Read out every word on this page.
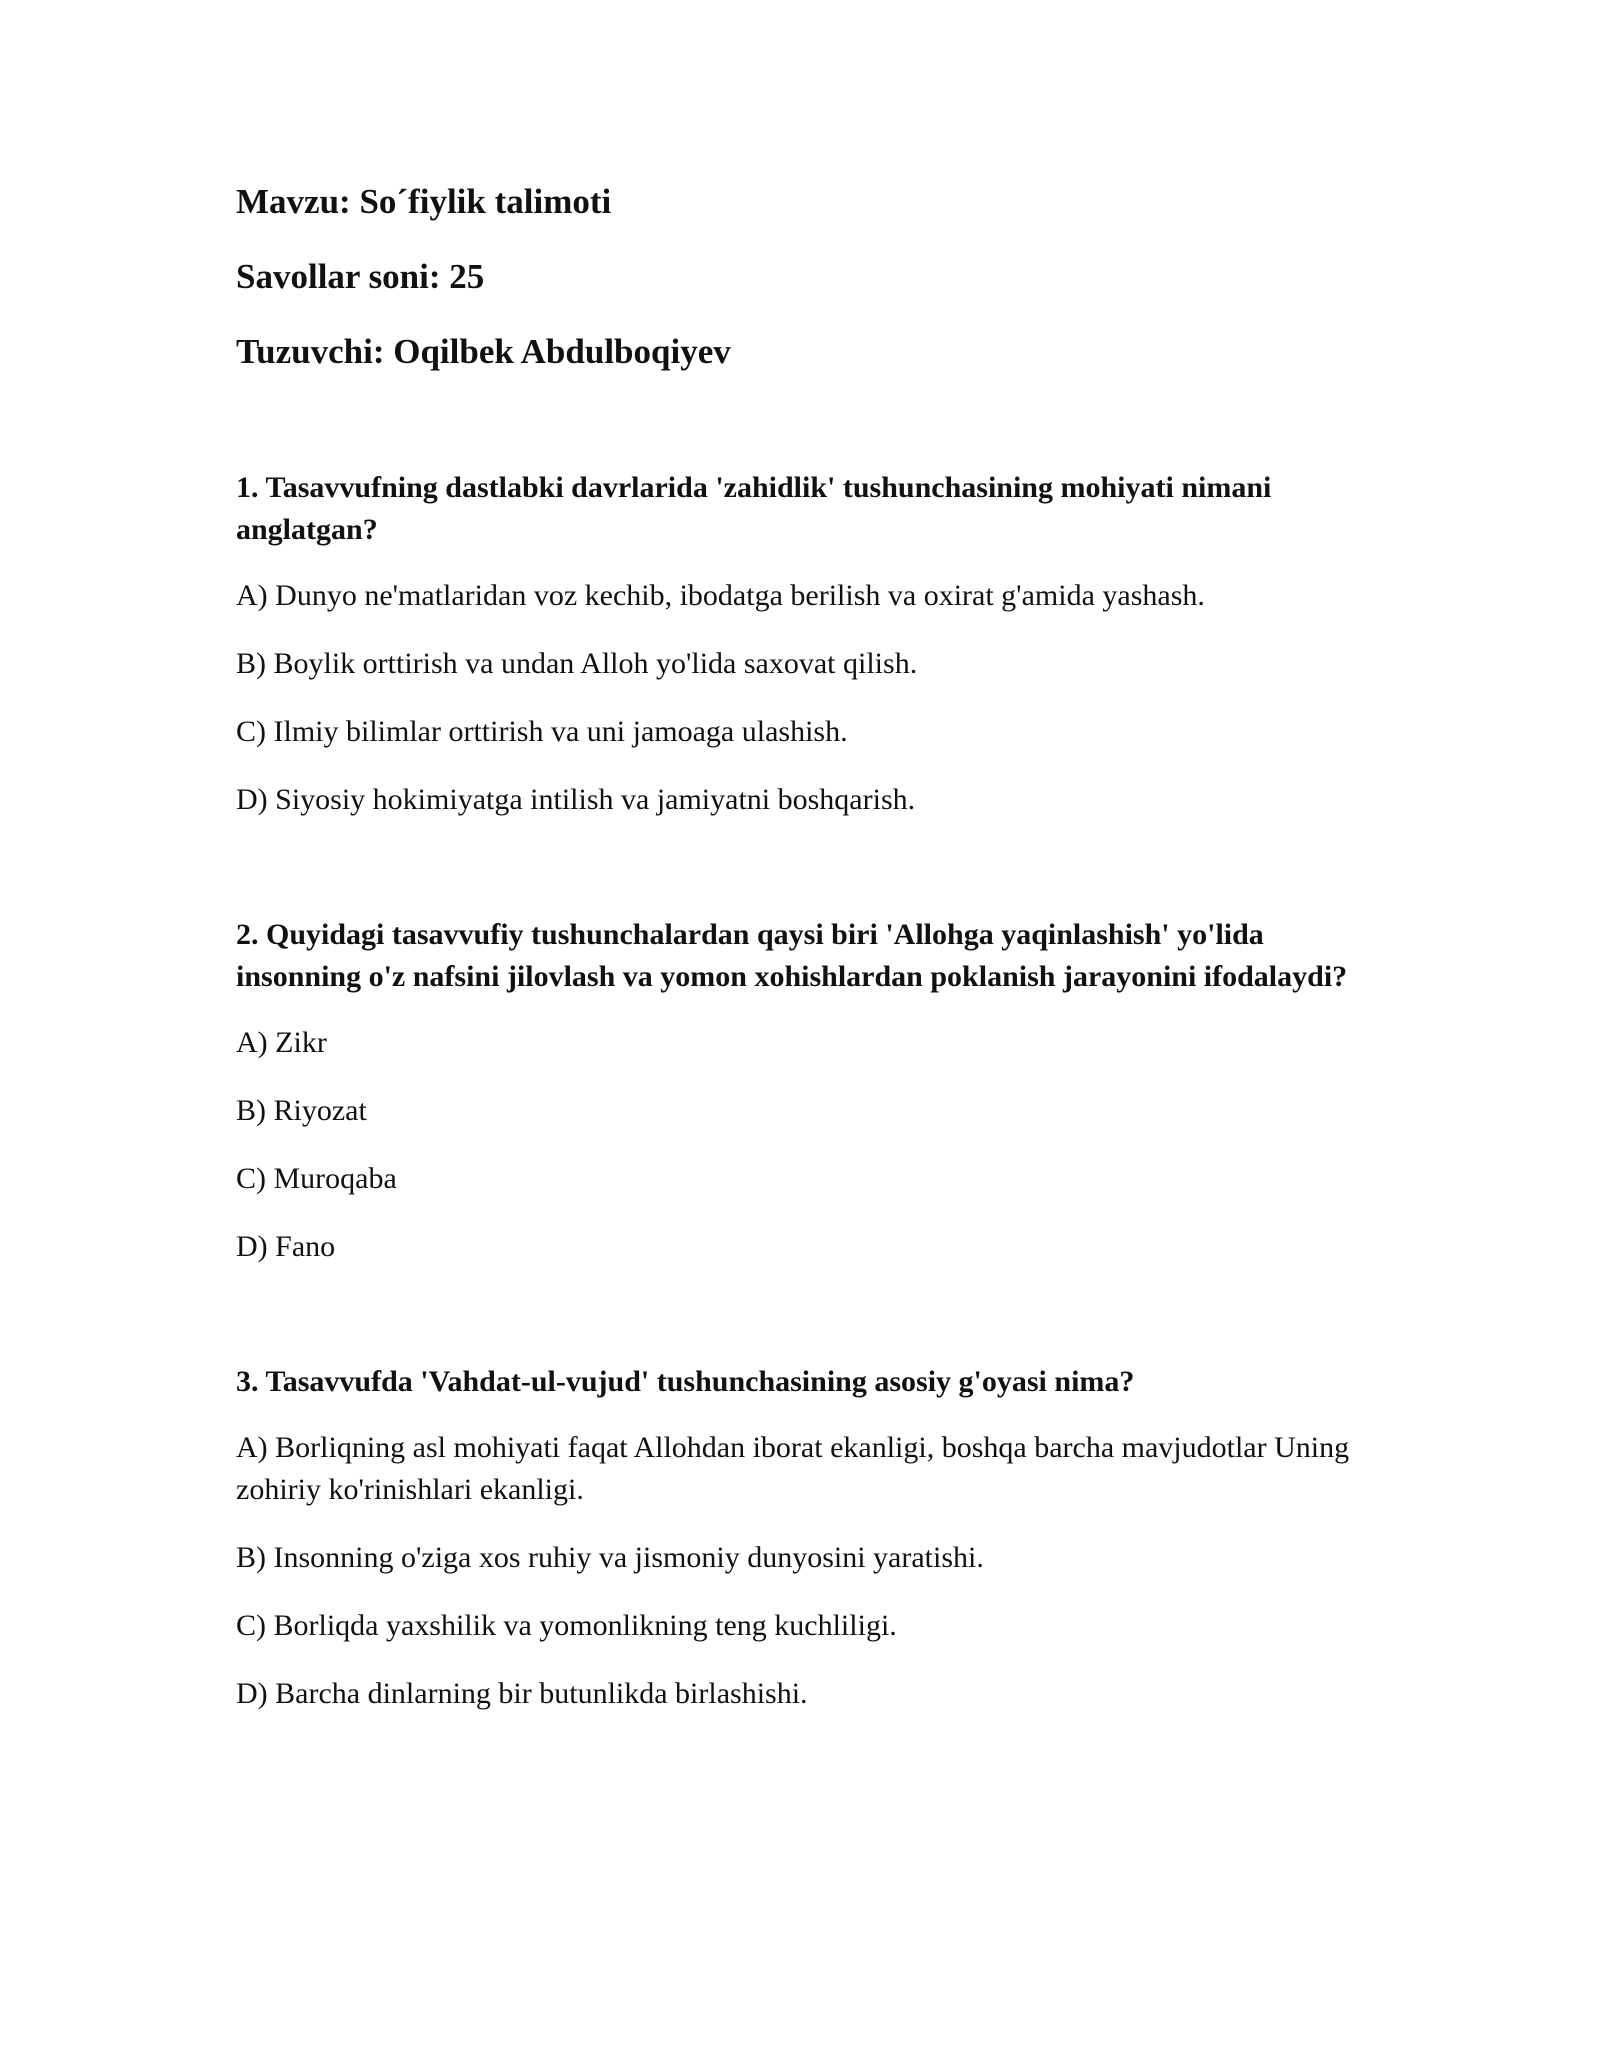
Mavzu: So´fiylik talimoti
Savollar soni: 25
Tuzuvchi: Oqilbek Abdulboqiyev
1. Tasavvufning dastlabki davrlarida 'zahidlik' tushunchasining mohiyati nimani anglatgan?
A) Dunyo ne'matlaridan voz kechib, ibodatga berilish va oxirat g'amida yashash.
B) Boylik orttirish va undan Alloh yo'lida saxovat qilish.
C) Ilmiy bilimlar orttirish va uni jamoaga ulashish.
D) Siyosiy hokimiyatga intilish va jamiyatni boshqarish.
2. Quyidagi tasavvufiy tushunchalardan qaysi biri 'Allohga yaqinlashish' yo'lida insonning o'z nafsini jilovlash va yomon xohishlardan poklanish jarayonini ifodalaydi?
A) Zikr
B) Riyozat
C) Muroqaba
D) Fano
3. Tasavvufda 'Vahdat-ul-vujud' tushunchasining asosiy g'oyasi nima?
A) Borliqning asl mohiyati faqat Allohdan iborat ekanligi, boshqa barcha mavjudotlar Uning zohiriy ko'rinishlari ekanligi.
B) Insonning o'ziga xos ruhiy va jismoniy dunyosini yaratishi.
C) Borliqda yaxshilik va yomonlikning teng kuchliligi.
D) Barcha dinlarning bir butunlikda birlashishi.
